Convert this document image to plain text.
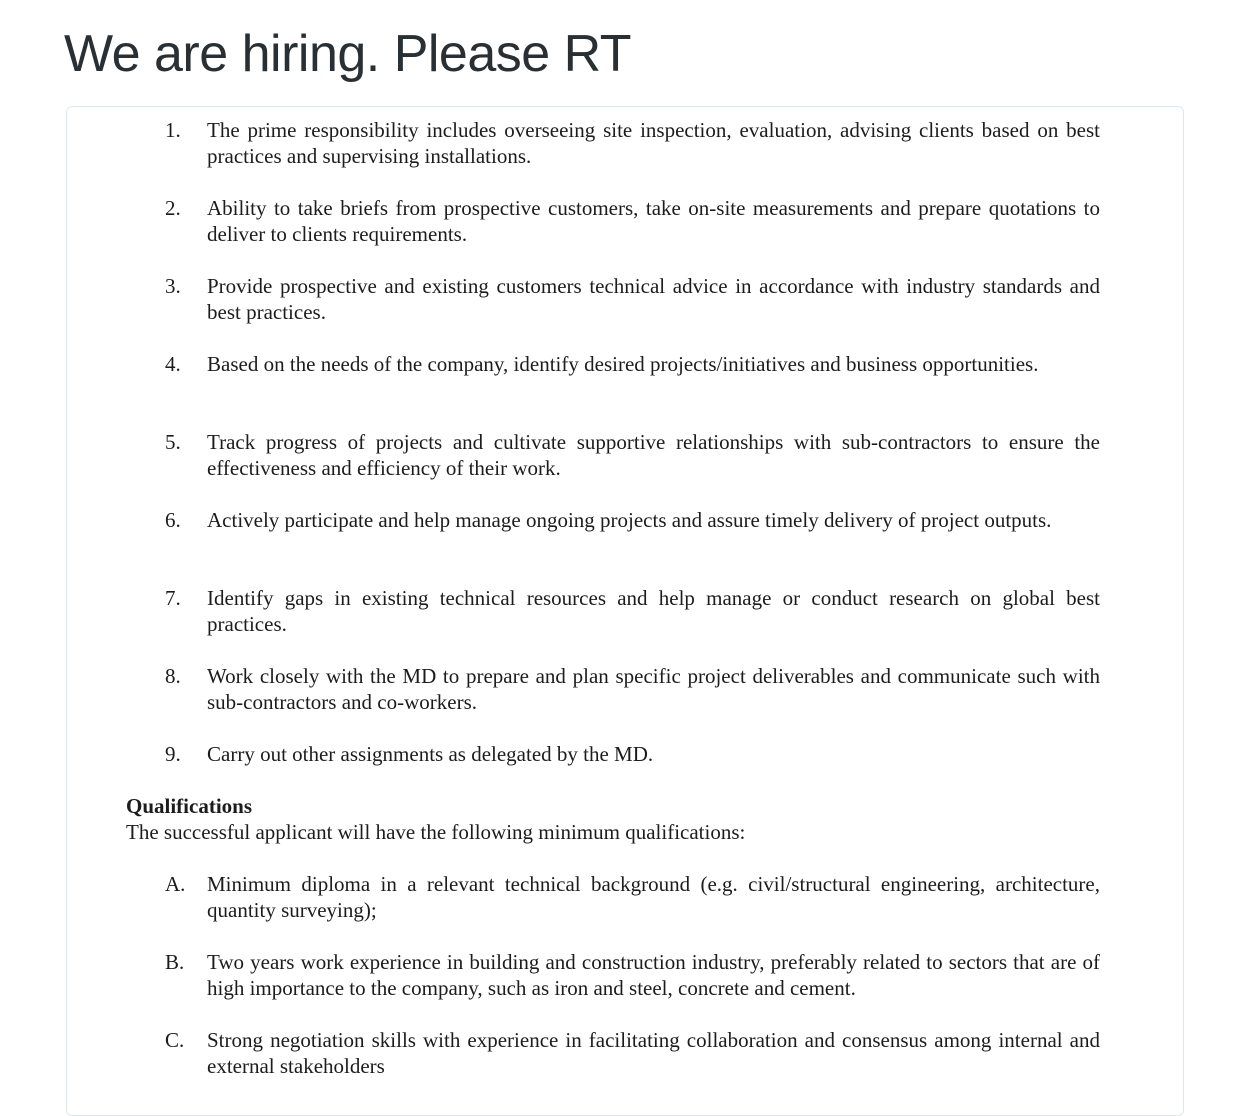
We are hiring. Please RT
1.	The prime responsibility includes overseeing site inspection, evaluation, advising clients based on best practices and supervising installations.
2.	Ability to take briefs from prospective customers, take on-site measurements and prepare quotations to deliver to clients requirements.
3.	Provide prospective and existing customers technical advice in accordance with industry standards and best practices.
4.	Based on the needs of the company, identify desired projects/initiatives and business opportunities.
5.	Track progress of projects and cultivate supportive relationships with sub-contractors to ensure the effectiveness and efficiency of their work.
6.	Actively participate and help manage ongoing projects and assure timely delivery of project outputs.
7.	Identify gaps in existing technical resources and help manage or conduct research on global best practices.
8.	Work closely with the MD to prepare and plan specific project deliverables and communicate such with sub-contractors and co-workers.
9.	Carry out other assignments as delegated by the MD.
Qualifications
The successful applicant will have the following minimum qualifications:
A.	Minimum diploma in a relevant technical background (e.g. civil/structural engineering, architecture, quantity surveying);
B.	Two years work experience in building and construction industry, preferably related to sectors that are of high importance to the company, such as iron and steel, concrete and cement.
C.	Strong negotiation skills with experience in facilitating collaboration and consensus among internal and external stakeholders
